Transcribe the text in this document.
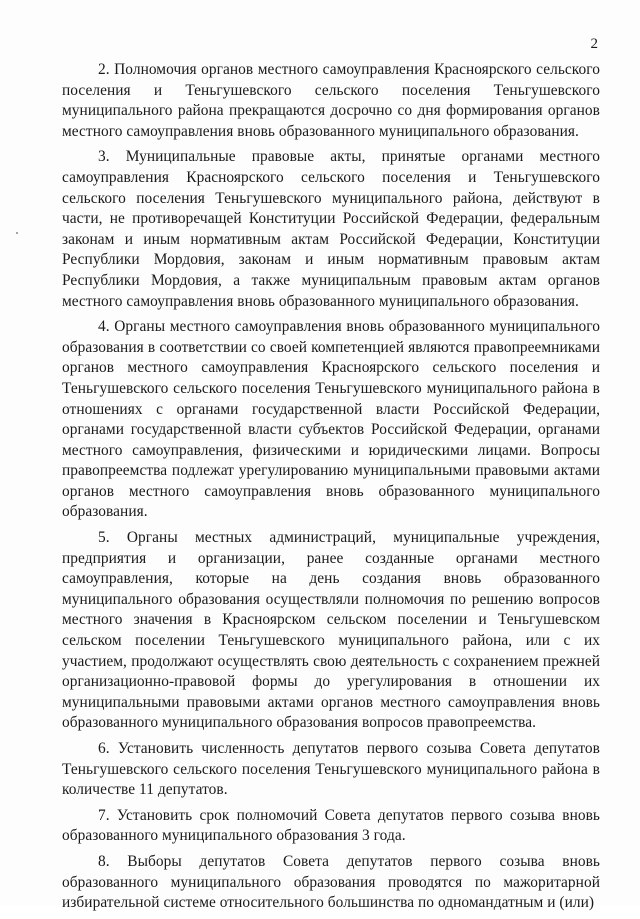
2

2. Полномочия органов местного самоуправления Красноярского сельского поселения и Теньгушевского сельского поселения Теньгушевского муниципального района прекращаются досрочно со дня формирования органов местного самоуправления вновь образованного муниципального образования.

3. Муниципальные правовые акты, принятые органами местного самоуправления Красноярского сельского поселения и Теньгушевского сельского поселения Теньгушевского муниципального района, действуют в части, не противоречащей Конституции Российской Федерации, федеральным законам и иным нормативным актам Российской Федерации, Конституции Республики Мордовия, законам и иным нормативным правовым актам Республики Мордовия, а также муниципальным правовым актам органов местного самоуправления вновь образованного муниципального образования.

4. Органы местного самоуправления вновь образованного муниципального образования в соответствии со своей компетенцией являются правопреемниками органов местного самоуправления Красноярского сельского поселения и Теньгушевского сельского поселения Теньгушевского муниципального района в отношениях с органами государственной власти Российской Федерации, органами государственной власти субъектов Российской Федерации, органами местного самоуправления, физическими и юридическими лицами. Вопросы правопреемства подлежат урегулированию муниципальными правовыми актами органов местного самоуправления вновь образованного муниципального образования.

5. Органы местных администраций, муниципальные учреждения, предприятия и организации, ранее созданные органами местного самоуправления, которые на день создания вновь образованного муниципального образования осуществляли полномочия по решению вопросов местного значения в Красноярском сельском поселении и Теньгушевском сельском поселении Теньгушевского муниципального района, или с их участием, продолжают осуществлять свою деятельность с сохранением прежней организационно-правовой формы до урегулирования в отношении их муниципальными правовыми актами органов местного самоуправления вновь образованного муниципального образования вопросов правопреемства.

6. Установить численность депутатов первого созыва Совета депутатов Теньгушевского сельского поселения Теньгушевского муниципального района в количестве 11 депутатов.

7. Установить срок полномочий Совета депутатов первого созыва вновь образованного муниципального образования 3 года.

8. Выборы депутатов Совета депутатов первого созыва вновь образованного муниципального образования проводятся по мажоритарной избирательной системе относительного большинства по одномандатным и (или)
